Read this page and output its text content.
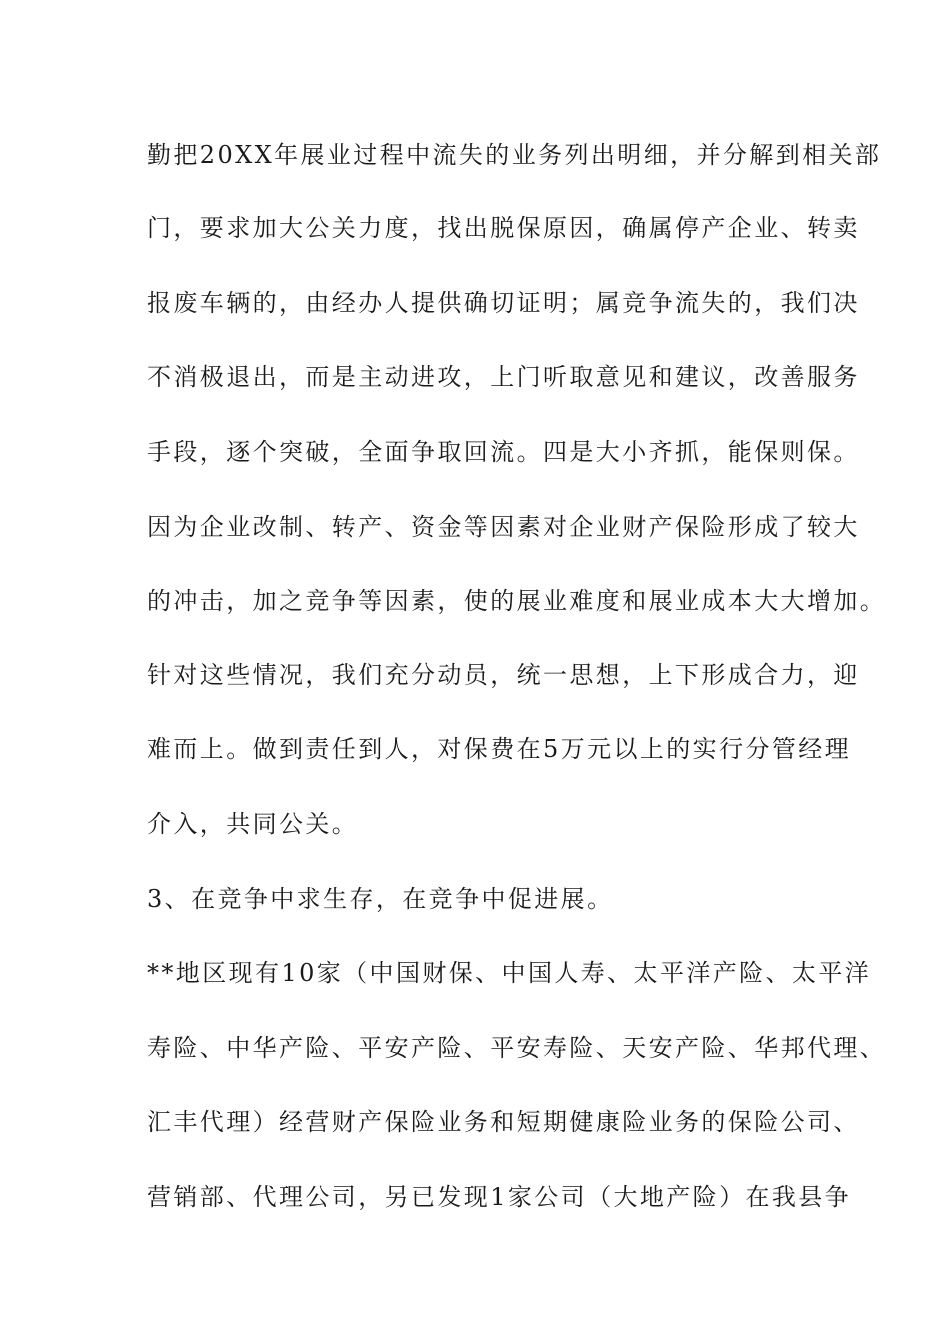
勤把20XX年展业过程中流失的业务列出明细，并分解到相关部
门，要求加大公关力度，找出脱保原因，确属停产企业、转卖
报废车辆的，由经办人提供确切证明；属竞争流失的，我们决
不消极退出，而是主动进攻，上门听取意见和建议，改善服务
手段，逐个突破，全面争取回流。四是大小齐抓，能保则保。
因为企业改制、转产、资金等因素对企业财产保险形成了较大
的冲击，加之竞争等因素，使的展业难度和展业成本大大增加。
针对这些情况，我们充分动员，统一思想，上下形成合力，迎
难而上。做到责任到人，对保费在5万元以上的实行分管经理
介入，共同公关。
3、在竞争中求生存，在竞争中促进展。
**地区现有10家（中国财保、中国人寿、太平洋产险、太平洋
寿险、中华产险、平安产险、平安寿险、天安产险、华邦代理、
汇丰代理）经营财产保险业务和短期健康险业务的保险公司、
营销部、代理公司，另已发现1家公司（大地产险）在我县争
